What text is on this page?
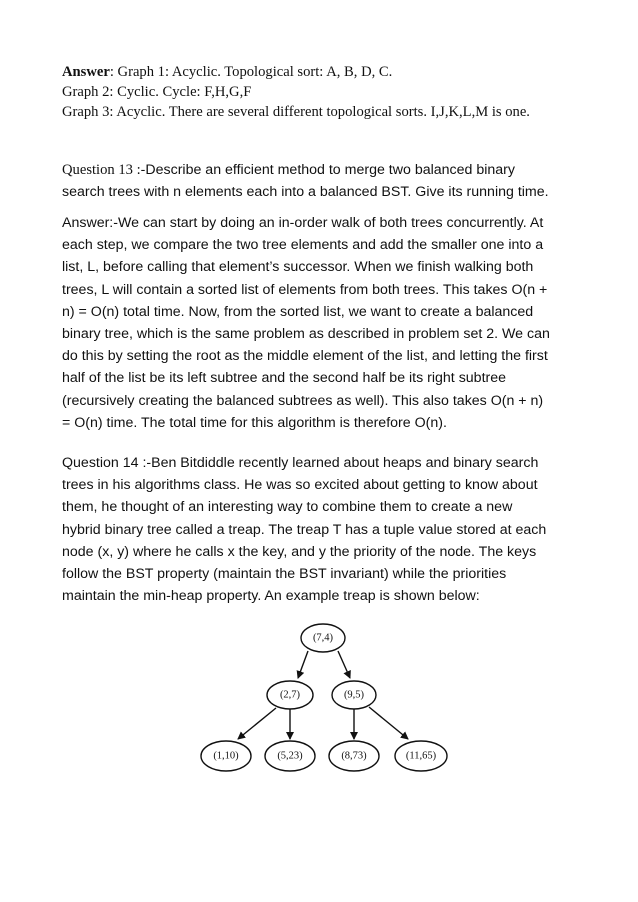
Answer: Graph 1: Acyclic. Topological sort: A, B, D, C.
Graph 2: Cyclic. Cycle: F,H,G,F
Graph 3: Acyclic. There are several different topological sorts. I,J,K,L,M is one.
Question 13 :-Describe an efficient method to merge two balanced binary
search trees with n elements each into a balanced BST. Give its running time.
Answer:-We can start by doing an in-order walk of both trees concurrently. At
each step, we compare the two tree elements and add the smaller one into a
list, L, before calling that element’s successor. When we finish walking both
trees, L will contain a sorted list of elements from both trees. This takes O(n +
n) = O(n) total time. Now, from the sorted list, we want to create a balanced
binary tree, which is the same problem as described in problem set 2. We can
do this by setting the root as the middle element of the list, and letting the first
half of the list be its left subtree and the second half be its right subtree
(recursively creating the balanced subtrees as well). This also takes O(n + n)
= O(n) time. The total time for this algorithm is therefore O(n).
Question 14 :-Ben Bitdiddle recently learned about heaps and binary search
trees in his algorithms class. He was so excited about getting to know about
them, he thought of an interesting way to combine them to create a new
hybrid binary tree called a treap. The treap T has a tuple value stored at each
node (x, y) where he calls x the key, and y the priority of the node. The keys
follow the BST property (maintain the BST invariant) while the priorities
maintain the min-heap property. An example treap is shown below:
(7,4)
(2,7)	(9,5)
(1,10)	(5,23)	(8,73)	(11,65)
